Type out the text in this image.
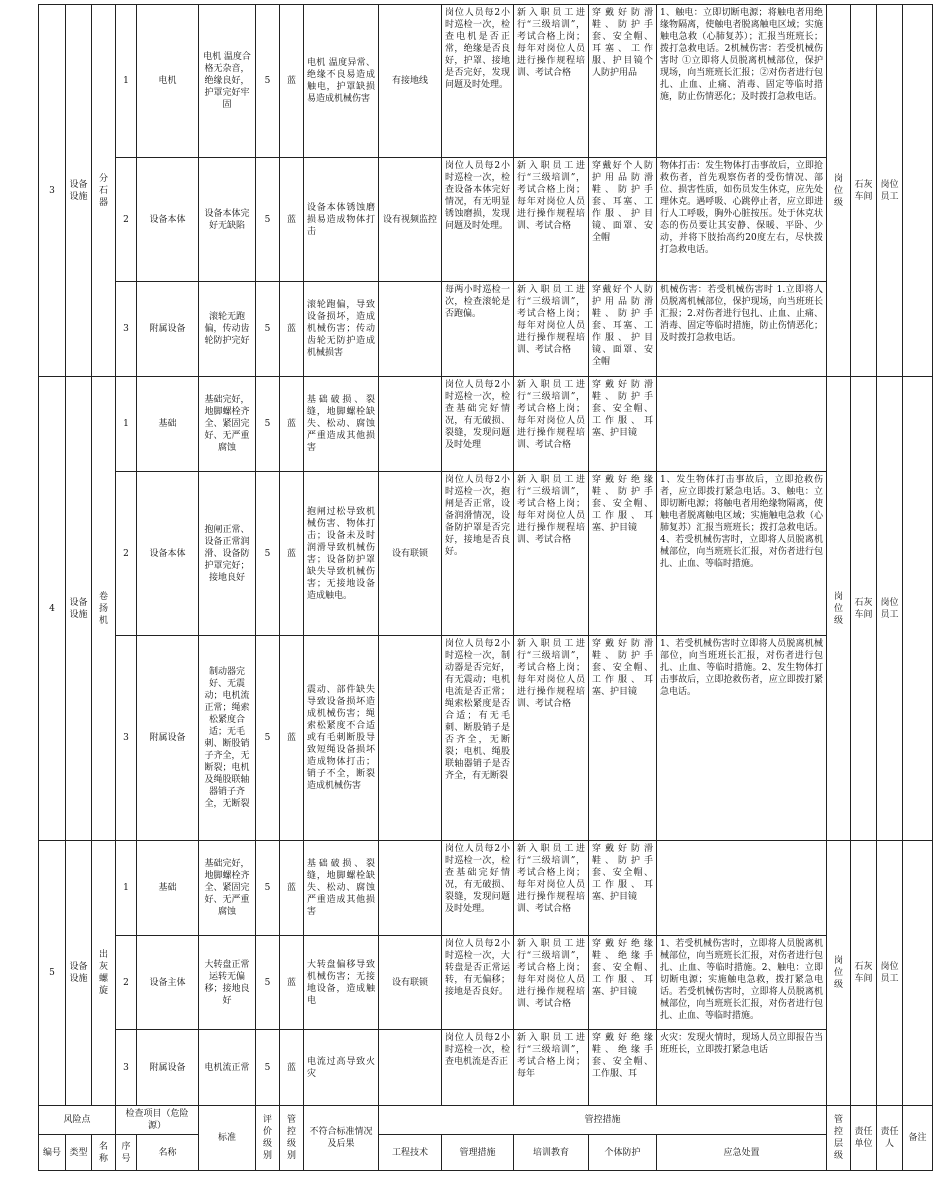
3	设备设施	分石器	1	电机	电机 温度合格无杂音，绝缘良好，护罩完好牢固	5	蓝	电机 温度异常、绝缘不良易造成触电，护罩缺损易造成机械伤害	有接地线	岗位人员每2小时巡检一次，检查电机是否正常，绝缘是否良好，护罩、接地是否完好，发现问题及时处理。	新入职员工进行“三级培训”，考试合格上岗；每年对岗位人员进行操作规程培训、考试合格	穿戴好防滑鞋、防护手套、安全帽、耳塞、工作服、护目镜个人防护用品	1、触电：立即切断电源；将触电者用绝缘物隔离，使触电者脱离触电区域；实施触电急救（心肺复苏）；汇报当班班长；拨打急救电话。2机械伤害：若受机械伤害时 ①立即将人员脱离机械部位，保护现场，向当班班长汇报；②对伤者进行包扎、止血、止痛、消毒、固定等临时措施，防止伤情恶化；及时拨打急救电话。	岗位级	石灰车间	岗位员工	
			2	设备本体	设备本体完好无缺陷	5	蓝	设备本体锈蚀磨损易造成物体打击	设有视频监控	岗位人员每2小时巡检一次，检查设备本体完好情况，有无明显锈蚀磨损，发现问题及时处理。	新入职员工进行“三级培训”，考试合格上岗；每年对岗位人员进行操作规程培训、考试合格	穿戴好个人防护用品防滑鞋、防护手套、耳塞、工作服、护目镜、面罩、安全帽	物体打击：发生物体打击事故后，立即抢救伤者，首先观察伤者的受伤情况、部位、损害性质，如伤员发生休克，应先处理休克。遇呼吸、心跳停止者，应立即进行人工呼吸，胸外心脏按压。处于休克状态的伤员要让其安静、保暖、平卧、少动，并将下肢抬高约20度左右，尽快拨打急救电话。				
			3	附属设备	滚轮无跑偏，传动齿轮防护完好	5	蓝	滚轮跑偏，导致设备损坏，造成机械伤害；传动齿轮无防护造成机械损害		每两小时巡检一次，检查滚轮是否跑偏。	新入职员工进行“三级培训”，考试合格上岗；每年对岗位人员进行操作规程培训、考试合格	穿戴好个人防护用品防滑鞋、防护手套、耳塞、工作服、护目镜、面罩、安全帽	机械伤害：若受机械伤害时 1.立即将人员脱离机械部位，保护现场，向当班班长汇报；2.对伤者进行包扎、止血、止痛、消毒、固定等临时措施，防止伤情恶化；及时拨打急救电话。				
4	设备设施	卷扬机	1	基础	基础完好，地脚螺栓齐全、紧固完好、无严重腐蚀	5	蓝	基础破损、裂缝，地脚螺栓缺失、松动、腐蚀严重造成其他损害		岗位人员每2小时巡检一次，检查基础完好情况，有无破损、裂缝，发现问题及时处理	新入职员工进行“三级培训”，考试合格上岗；每年对岗位人员进行操作规程培训、考试合格	穿戴好防滑鞋、防护手套、安全帽、工作服、耳塞、护目镜		岗位级	石灰车间	岗位员工	
			2	设备本体	抱闸正常、设备正常润滑、设备防护罩完好；接地良好	5	蓝	抱闸过松导致机械伤害、物体打击；设备未及时润滑导致机械伤害；设备防护罩缺失导致机械伤害；无接地设备造成触电。	设有联锁	岗位人员每2小时巡检一次，抱闸是否正常，设备润滑情况，设备防护罩是否完好，接地是否良好。	新入职员工进行“三级培训”，考试合格上岗；每年对岗位人员进行操作规程培训、考试合格	穿戴好绝缘鞋、防护手套、安全帽、工作服、耳塞、护目镜	1、发生物体打击事故后，立即抢救伤者，应立即拨打紧急电话。3、触电：立即切断电源；将触电者用绝缘物隔离，使触电者脱离触电区域；实施触电急救（心肺复苏）汇报当班班长；拨打急救电话。4、若受机械伤害时，立即将人员脱离机械部位，向当班班长汇报，对伤者进行包扎、止血、等临时措施。				
			3	附属设备	制动器完好、无震动；电机流正常；绳索松紧度合适；无毛刺、断股销子齐全，无断裂；电机及绳股联轴器销子齐全，无断裂	5	蓝	震动、部件缺失导致设备损坏造成机械伤害；绳索松紧度不合适或有毛刺断股导致短绳设备损坏造成物体打击；销子不全，断裂造成机械伤害		岗位人员每2小时巡检一次，制动器是否完好，有无震动；电机电流是否正常；绳索松紧度是否合适；有无毛刺、断股销子是否齐全，无断裂；电机、绳股联轴器销子是否齐全，有无断裂	新入职员工进行“三级培训”，考试合格上岗；每年对岗位人员进行操作规程培训、考试合格	穿戴好防滑鞋、防护手套、安全帽、工作服、耳塞、护目镜	1、若受机械伤害时立即将人员脱离机械部位，向当班班长汇报，对伤者进行包扎、止血、等临时措施。2、发生物体打击事故后，立即抢救伤者，应立即拨打紧急电话。				
5	设备设施	出灰螺旋	1	基础	基础完好，地脚螺栓齐全、紧固完好、无严重腐蚀	5	蓝	基础破损、裂缝，地脚螺栓缺失、松动、腐蚀严重造成其他损害		岗位人员每2小时巡检一次，检查基础完好情况，有无破损、裂缝，发现问题及时处理。	新入职员工进行“三级培训”，考试合格上岗；每年对岗位人员进行操作规程培训、考试合格	穿戴好防滑鞋、防护手套、安全帽、工作服、耳塞、护目镜		岗位级	石灰车间	岗位员工	
			2	设备主体	大转盘正常运转无偏移；接地良好	5	蓝	大转盘偏移导致机械伤害；无接地设备，造成触电	设有联锁	岗位人员每2小时巡检一次，大转盘是否正常运转，有无偏移；接地是否良好。	新入职员工进行“三级培训”，考试合格上岗；每年对岗位人员进行操作规程培训、考试合格	穿戴好绝缘鞋、绝缘手套、安全帽、工作服、耳塞、护目镜	1、若受机械伤害时，立即将人员脱离机械部位，向当班班长汇报，对伤者进行包扎、止血、等临时措施。2、触电：立即切断电源；实施触电急救，拨打紧急电话。若受机械伤害时，立即将人员脱离机械部位，向当班班长汇报，对伤者进行包扎、止血、等临时措施。				
			3	附属设备	电机流正常	5	蓝	电流过高导致火灾		岗位人员每2小时巡检一次，检查电机流是否正	新入职员工进行“三级培训”，考试合格上岗；每年	穿戴好绝缘鞋、绝缘手套、安全帽、工作服、耳	火灾：发现火情时，现场人员立即报告当班班长，立即拨打紧急电话				
风险点			检查项目（危险源）		标准	评价级别	管控级别	不符合标准情况及后果	管控措施					管控层级	责任单位	责任人	备注
编号	类型	名称	序号	名称					工程技术	管理措施	培训教育	个体防护	应急处置				
